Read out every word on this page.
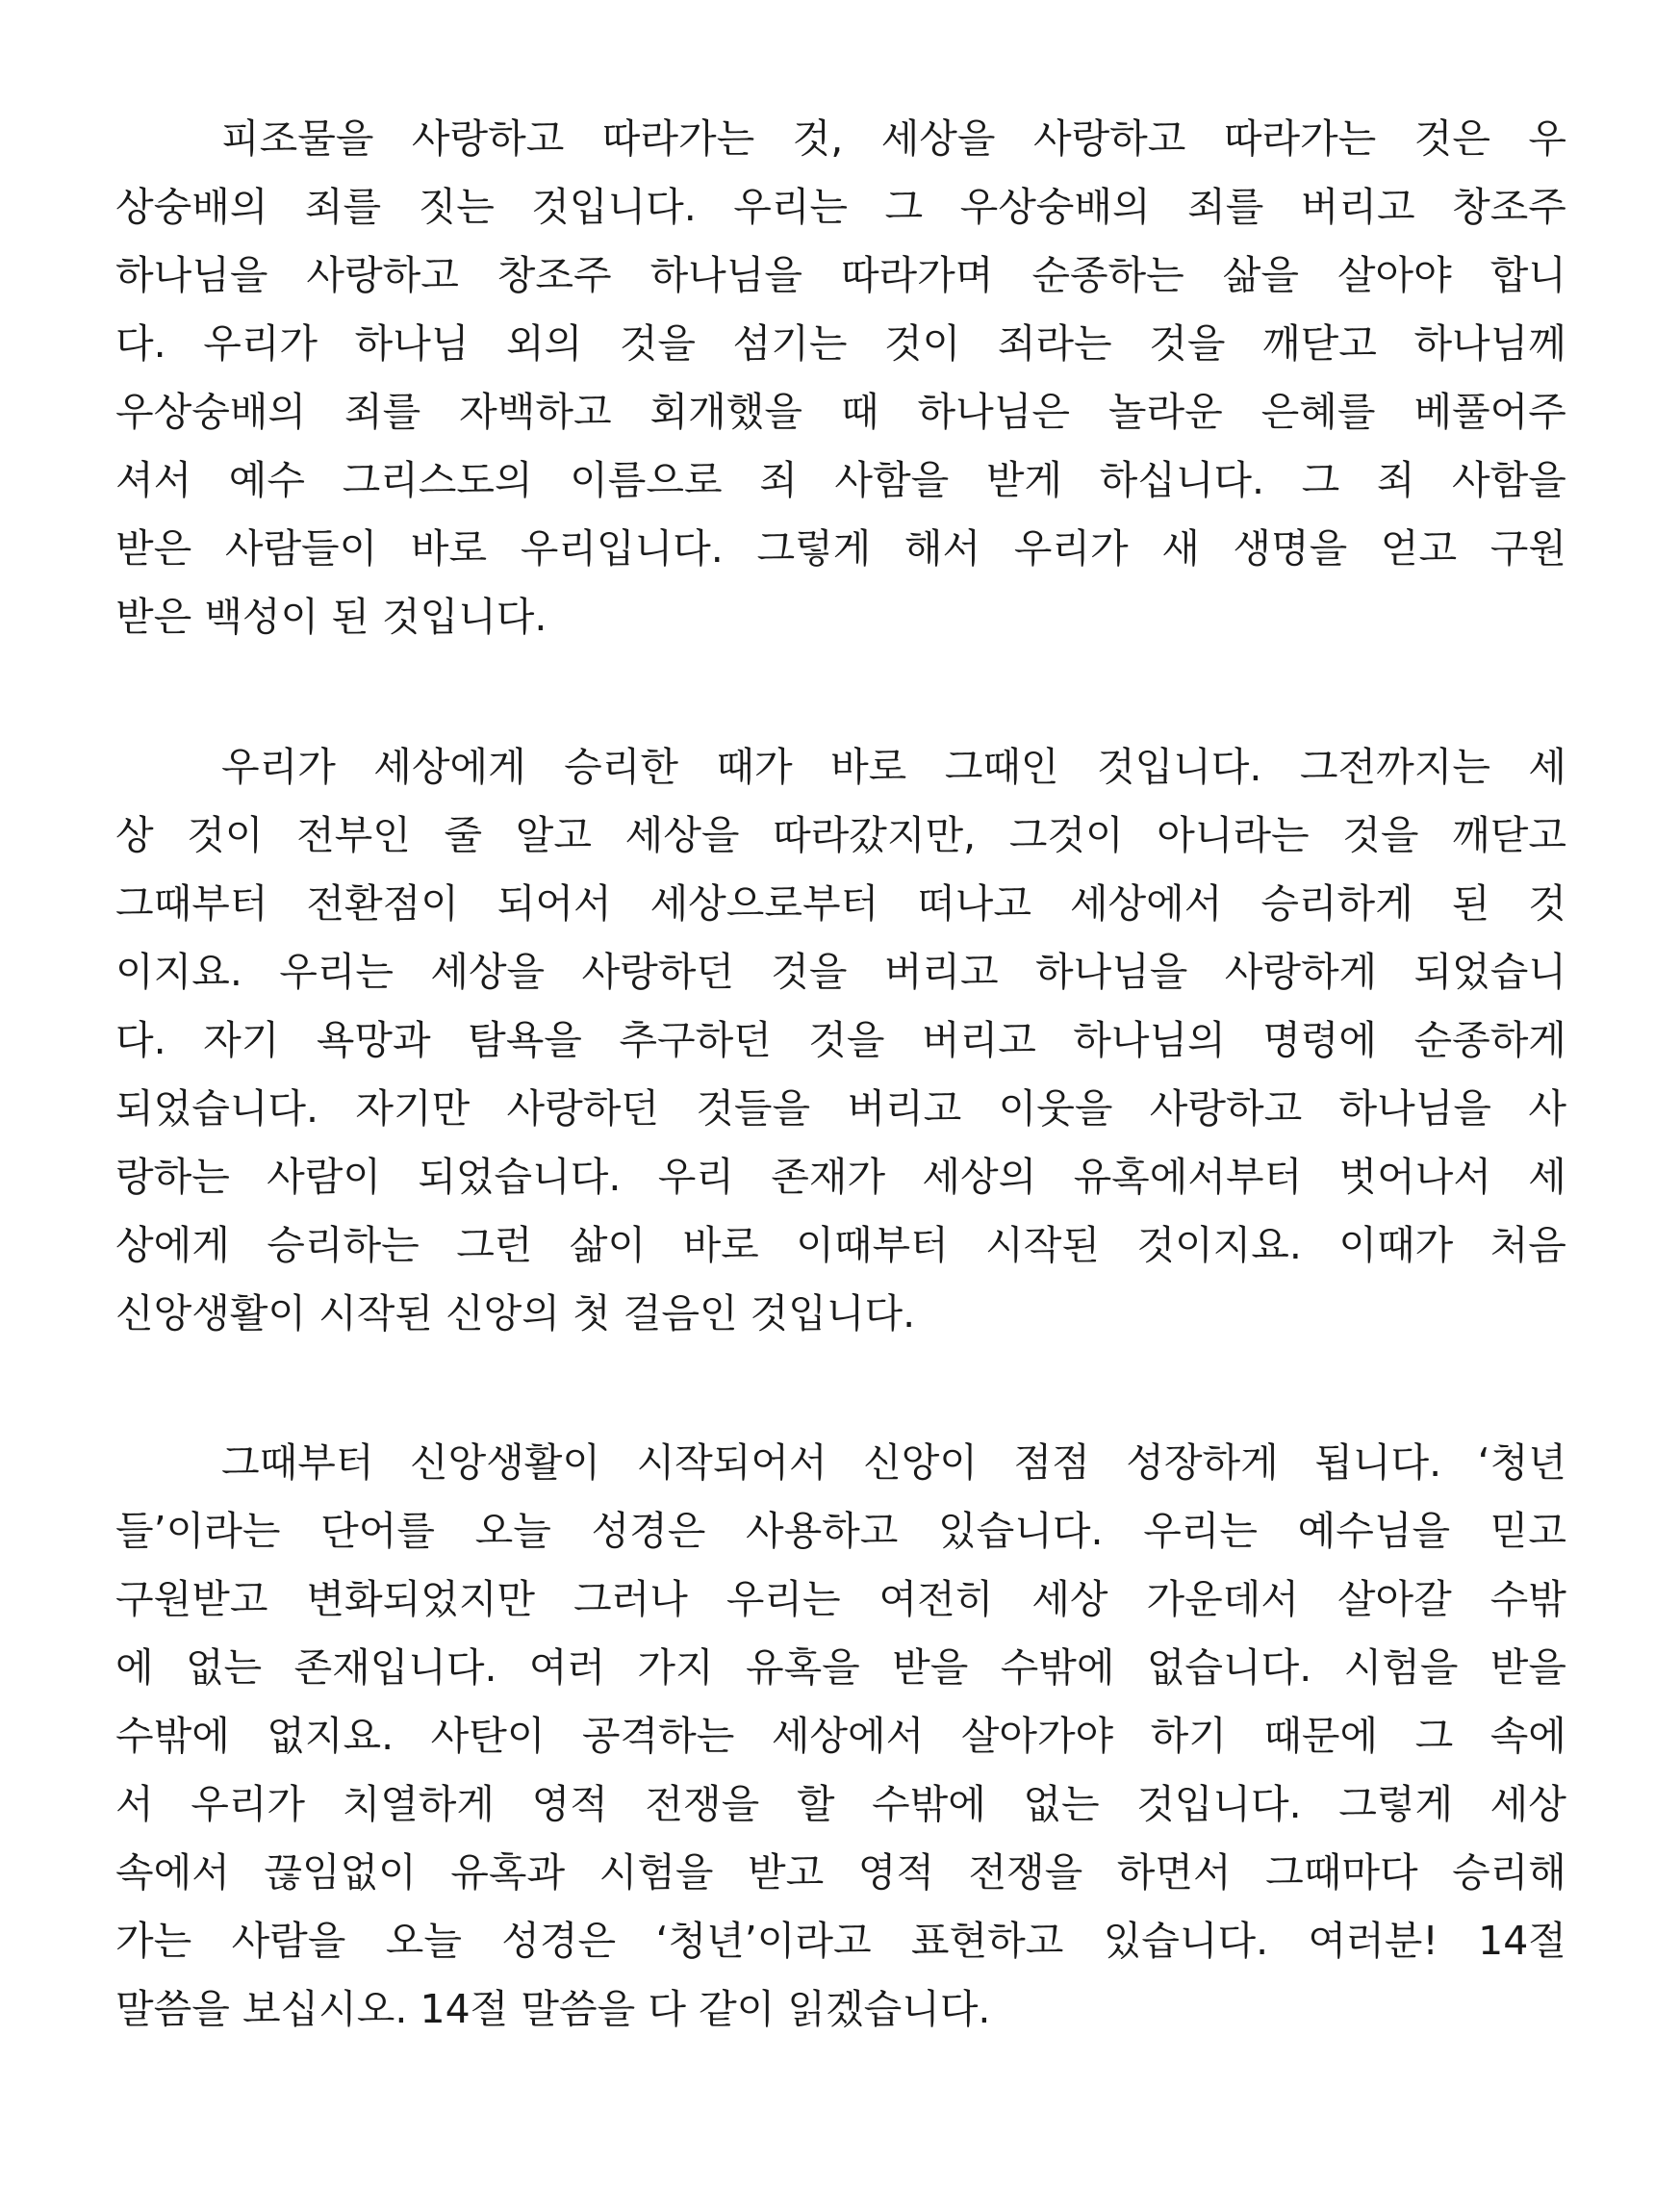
피조물을 사랑하고 따라가는 것, 세상을 사랑하고 따라가는 것은 우
상숭배의 죄를 짓는 것입니다. 우리는 그 우상숭배의 죄를 버리고 창조주
하나님을 사랑하고 창조주 하나님을 따라가며 순종하는 삶을 살아야 합니
다. 우리가 하나님 외의 것을 섬기는 것이 죄라는 것을 깨닫고 하나님께
우상숭배의 죄를 자백하고 회개했을 때 하나님은 놀라운 은혜를 베풀어주
셔서 예수 그리스도의 이름으로 죄 사함을 받게 하십니다. 그 죄 사함을
받은 사람들이 바로 우리입니다. 그렇게 해서 우리가 새 생명을 얻고 구원
받은 백성이 된 것입니다.
우리가 세상에게 승리한 때가 바로 그때인 것입니다. 그전까지는 세
상 것이 전부인 줄 알고 세상을 따라갔지만, 그것이 아니라는 것을 깨닫고
그때부터 전환점이 되어서 세상으로부터 떠나고 세상에서 승리하게 된 것
이지요. 우리는 세상을 사랑하던 것을 버리고 하나님을 사랑하게 되었습니
다. 자기 욕망과 탐욕을 추구하던 것을 버리고 하나님의 명령에 순종하게
되었습니다. 자기만 사랑하던 것들을 버리고 이웃을 사랑하고 하나님을 사
랑하는 사람이 되었습니다. 우리 존재가 세상의 유혹에서부터 벗어나서 세
상에게 승리하는 그런 삶이 바로 이때부터 시작된 것이지요. 이때가 처음
신앙생활이 시작된 신앙의 첫 걸음인 것입니다.
그때부터 신앙생활이 시작되어서 신앙이 점점 성장하게 됩니다. ‘청년
들’이라는 단어를 오늘 성경은 사용하고 있습니다. 우리는 예수님을 믿고
구원받고 변화되었지만 그러나 우리는 여전히 세상 가운데서 살아갈 수밖
에 없는 존재입니다. 여러 가지 유혹을 받을 수밖에 없습니다. 시험을 받을
수밖에 없지요. 사탄이 공격하는 세상에서 살아가야 하기 때문에 그 속에
서 우리가 치열하게 영적 전쟁을 할 수밖에 없는 것입니다. 그렇게 세상
속에서 끊임없이 유혹과 시험을 받고 영적 전쟁을 하면서 그때마다 승리해
가는 사람을 오늘 성경은 ‘청년’이라고 표현하고 있습니다. 여러분! 14절
말씀을 보십시오. 14절 말씀을 다 같이 읽겠습니다.
